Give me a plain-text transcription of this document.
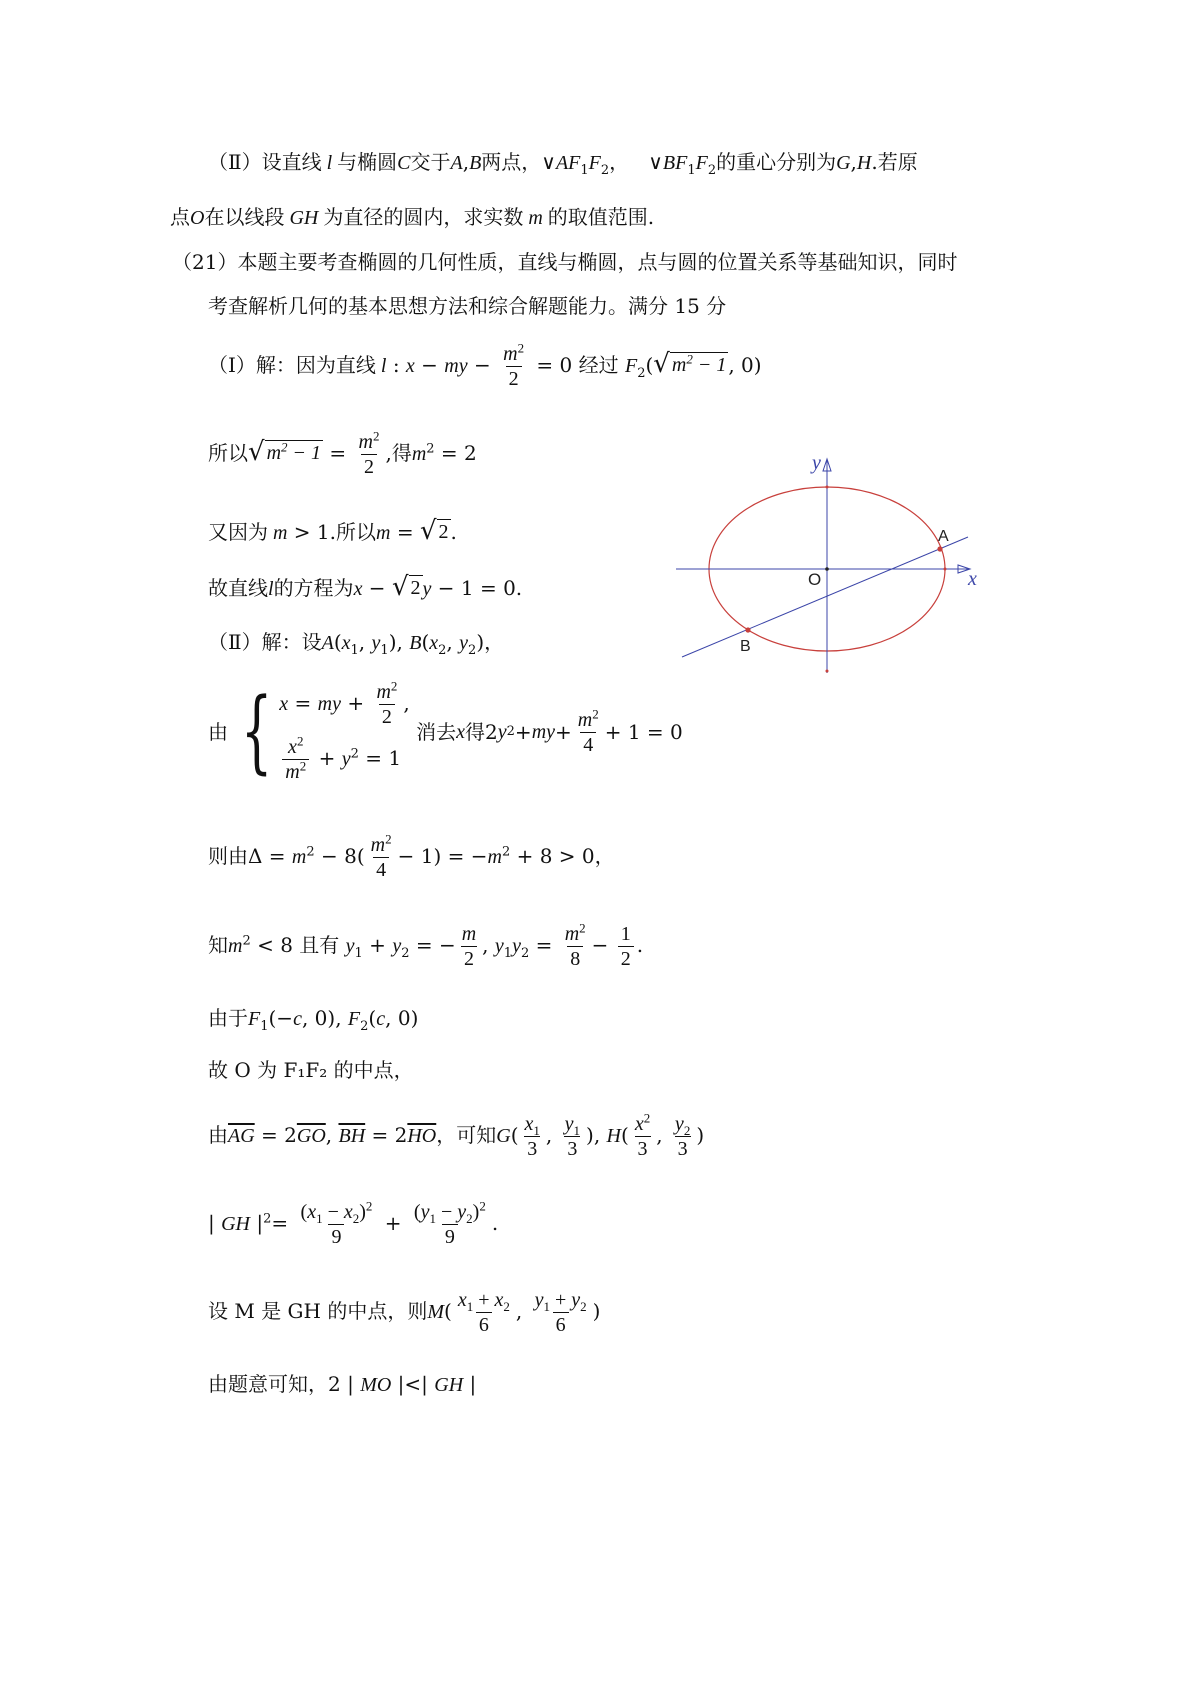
（Ⅱ）设直线 l 与椭圆C交于A,B两点，$\vee AF_1F_2$，   $\vee BF_1F_2$的重心分别为G,H.若原
点O在以线段 GH 为直径的圆内，求实数 m 的取值范围.
（21）本题主要考查椭圆的几何性质，直线与椭圆，点与圆的位置关系等基础知识，同时
考查解析几何的基本思想方法和综合解题能力。满分 15 分
（Ⅰ）解：因为直线 l : x − my − $\frac{m^2}{2} = 0$ 经过 $F_2$( √ $m^2 - 1$ , 0)
所以 √ $m^2 - 1 = \frac{m^2}{2}$ ,得$m^2 = 2$
又因为 m > 1.所以m = √ 2 .
故直线l的方程为x − √ 2 y − 1 = 0.
（Ⅱ）解：设$A(x_1$, $y_1$), $B(x_2$, $y_2$)，
由 { x = my + $\frac{m^2}{2}$ ,
$\frac{x^2}{m^2} + y^2 = 1$

消去 x 得 2 y 2 + my + $\frac{m^2}{4} + 1 = 0$
则由$\Delta = m^2 - 8( \frac{m^2}{4} - 1) = -m^2 + 8 > 0$，
知$m^2 < 8$ 且有 $y_1 + y_2$ = − $\frac{m}{2}$ , $y_1y_2 = \frac{m^2}{8} - \frac{1}{2}$ .
由于$F_1(-c$, 0), $F_2(c$, 0)
故 O 为 F₁F₂ 的中点，
由$\overline{AG} = 2\overline{GO}$, $\overline{BH} = 2\overline{HO}$，可知$G( \frac{x_1}{3}$ , $\frac{y_1}{3}$ ), $H( \frac{x^2}{3}$ , $\frac{y_2}{3}$ )
| GH $|^2= \frac{(x_1 - x_2)^2}{9} + \frac{(y_1 - y_2)^2}{9}$ .
设 M 是 GH 的中点，则$M( \frac{x_1 + x_2}{6}$ , $\frac{y_1 + y_2}{6}$ )
由题意可知，2 | MO |<| GH |
y
x
O
A
B
